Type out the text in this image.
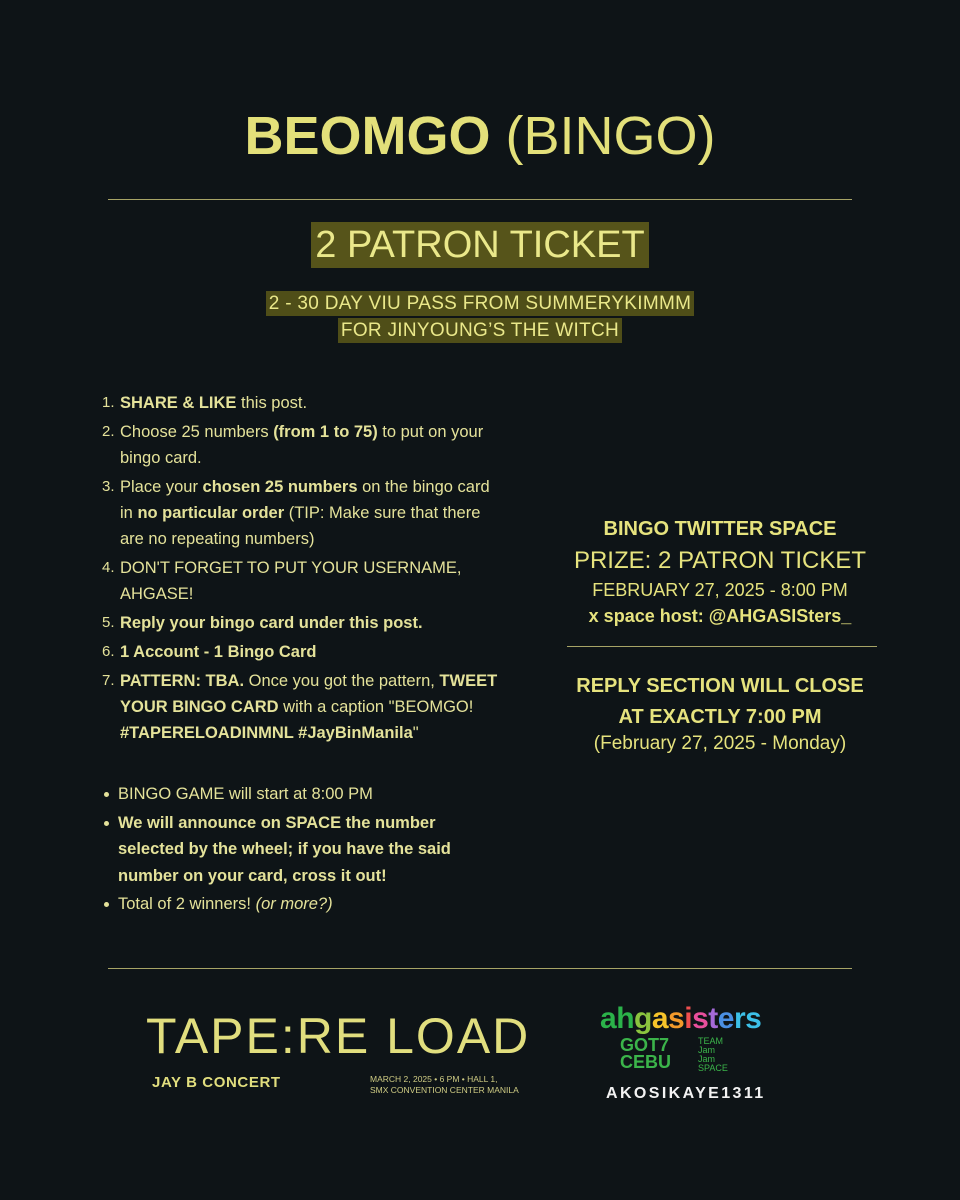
BEOMGO (BINGO)
2 PATRON TICKET
2 - 30 DAY VIU PASS FROM SUMMERYKIMMM
FOR JINYOUNG’S THE WITCH
1. SHARE & LIKE this post.
2. Choose 25 numbers (from 1 to 75) to put on your bingo card.
3. Place your chosen 25 numbers on the bingo card in no particular order (TIP: Make sure that there are no repeating numbers)
4. DON'T FORGET TO PUT YOUR USERNAME, AHGASE!
5. Reply your bingo card under this post.
6. 1 Account - 1 Bingo Card
7. PATTERN: TBA. Once you got the pattern, TWEET YOUR BINGO CARD with a caption "BEOMGO! #TAPERELOADINMNL #JayBinManila"
BINGO GAME will start at 8:00 PM
We will announce on SPACE the number selected by the wheel; if you have the said number on your card, cross it out!
Total of 2 winners! (or more?)
BINGO TWITTER SPACE
PRIZE: 2 PATRON TICKET
FEBRUARY 27, 2025 - 8:00 PM
x space host: @AHGASISters_
REPLY SECTION WILL CLOSE
AT EXACTLY 7:00 PM
(February 27, 2025 - Monday)
TAPE:RE LOAD
JAY B CONCERT	MARCH 2, 2025 • 6 PM • HALL 1,
SMX CONVENTION CENTER MANILA
ahgasisters
GOT7
CEBU
TEAM
Jam
Jam
SPACE
AKOSIKAYE1311
